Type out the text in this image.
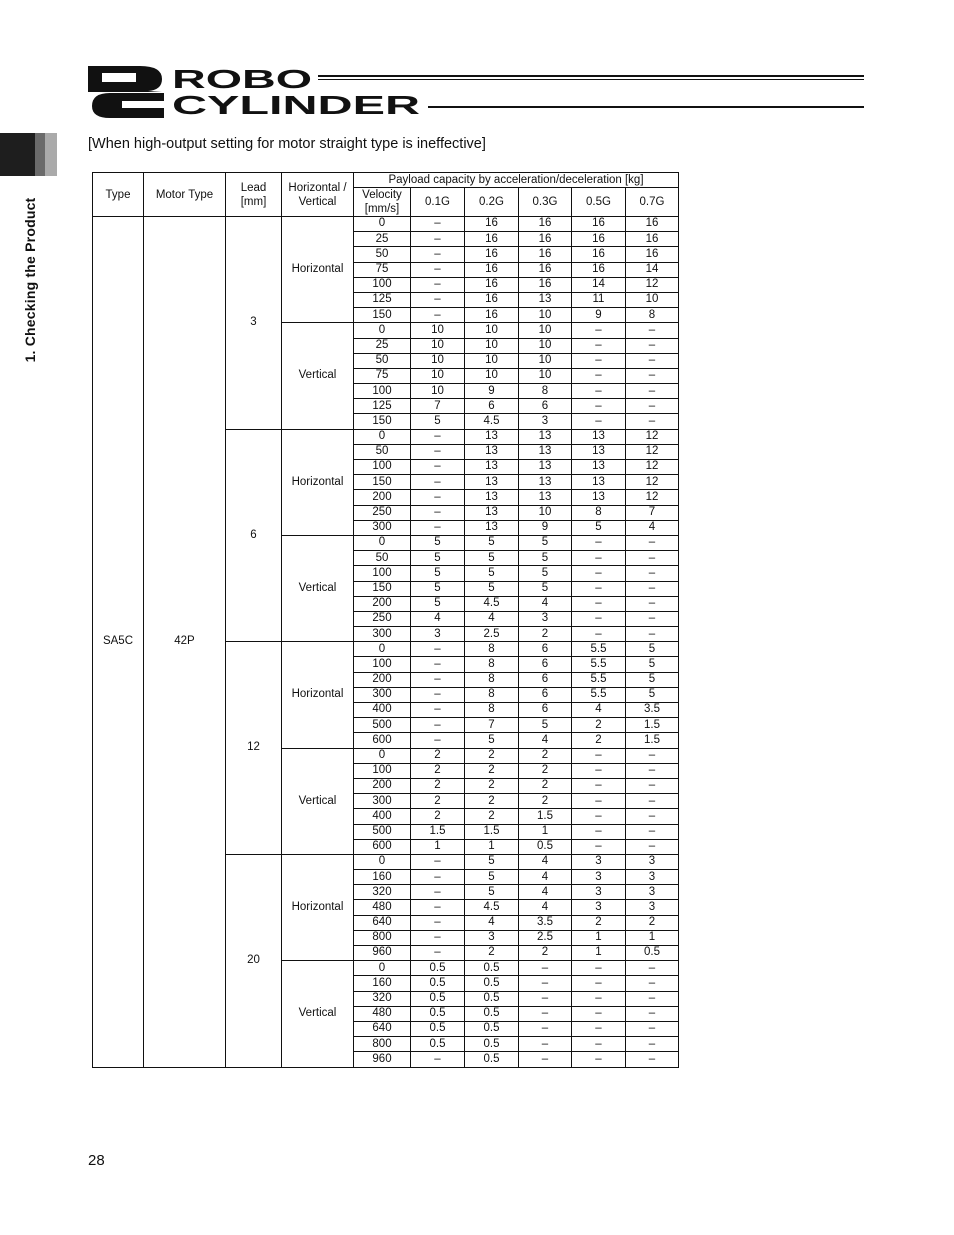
ROBO
CYLINDER
1. Checking the Product
[When high-output setting for motor straight type is ineffective]
Type	Motor Type	Lead [mm]	Horizontal / Vertical	Payload capacity by acceleration/deceleration [kg]					
				Velocity [mm/s]	0.1G	0.2G	0.3G	0.5G	0.7G
SA5C	42P	3	Horizontal	0	–	16	16	16	16
				25	–	16	16	16	16
				50	–	16	16	16	16
				75	–	16	16	16	14
				100	–	16	16	14	12
				125	–	16	13	11	10
				150	–	16	10	9	8
			Vertical	0	10	10	10	–	–
				25	10	10	10	–	–
				50	10	10	10	–	–
				75	10	10	10	–	–
				100	10	9	8	–	–
				125	7	6	6	–	–
				150	5	4.5	3	–	–
		6	Horizontal	0	–	13	13	13	12
				50	–	13	13	13	12
				100	–	13	13	13	12
				150	–	13	13	13	12
				200	–	13	13	13	12
				250	–	13	10	8	7
				300	–	13	9	5	4
			Vertical	0	5	5	5	–	–
				50	5	5	5	–	–
				100	5	5	5	–	–
				150	5	5	5	–	–
				200	5	4.5	4	–	–
				250	4	4	3	–	–
				300	3	2.5	2	–	–
		12	Horizontal	0	–	8	6	5.5	5
				100	–	8	6	5.5	5
				200	–	8	6	5.5	5
				300	–	8	6	5.5	5
				400	–	8	6	4	3.5
				500	–	7	5	2	1.5
				600	–	5	4	2	1.5
			Vertical	0	2	2	2	–	–
				100	2	2	2	–	–
				200	2	2	2	–	–
				300	2	2	2	–	–
				400	2	2	1.5	–	–
				500	1.5	1.5	1	–	–
				600	1	1	0.5	–	–
		20	Horizontal	0	–	5	4	3	3
				160	–	5	4	3	3
				320	–	5	4	3	3
				480	–	4.5	4	3	3
				640	–	4	3.5	2	2
				800	–	3	2.5	1	1
				960	–	2	2	1	0.5
			Vertical	0	0.5	0.5	–	–	–
				160	0.5	0.5	–	–	–
				320	0.5	0.5	–	–	–
				480	0.5	0.5	–	–	–
				640	0.5	0.5	–	–	–
				800	0.5	0.5	–	–	–
				960	–	0.5	–	–	–
28
